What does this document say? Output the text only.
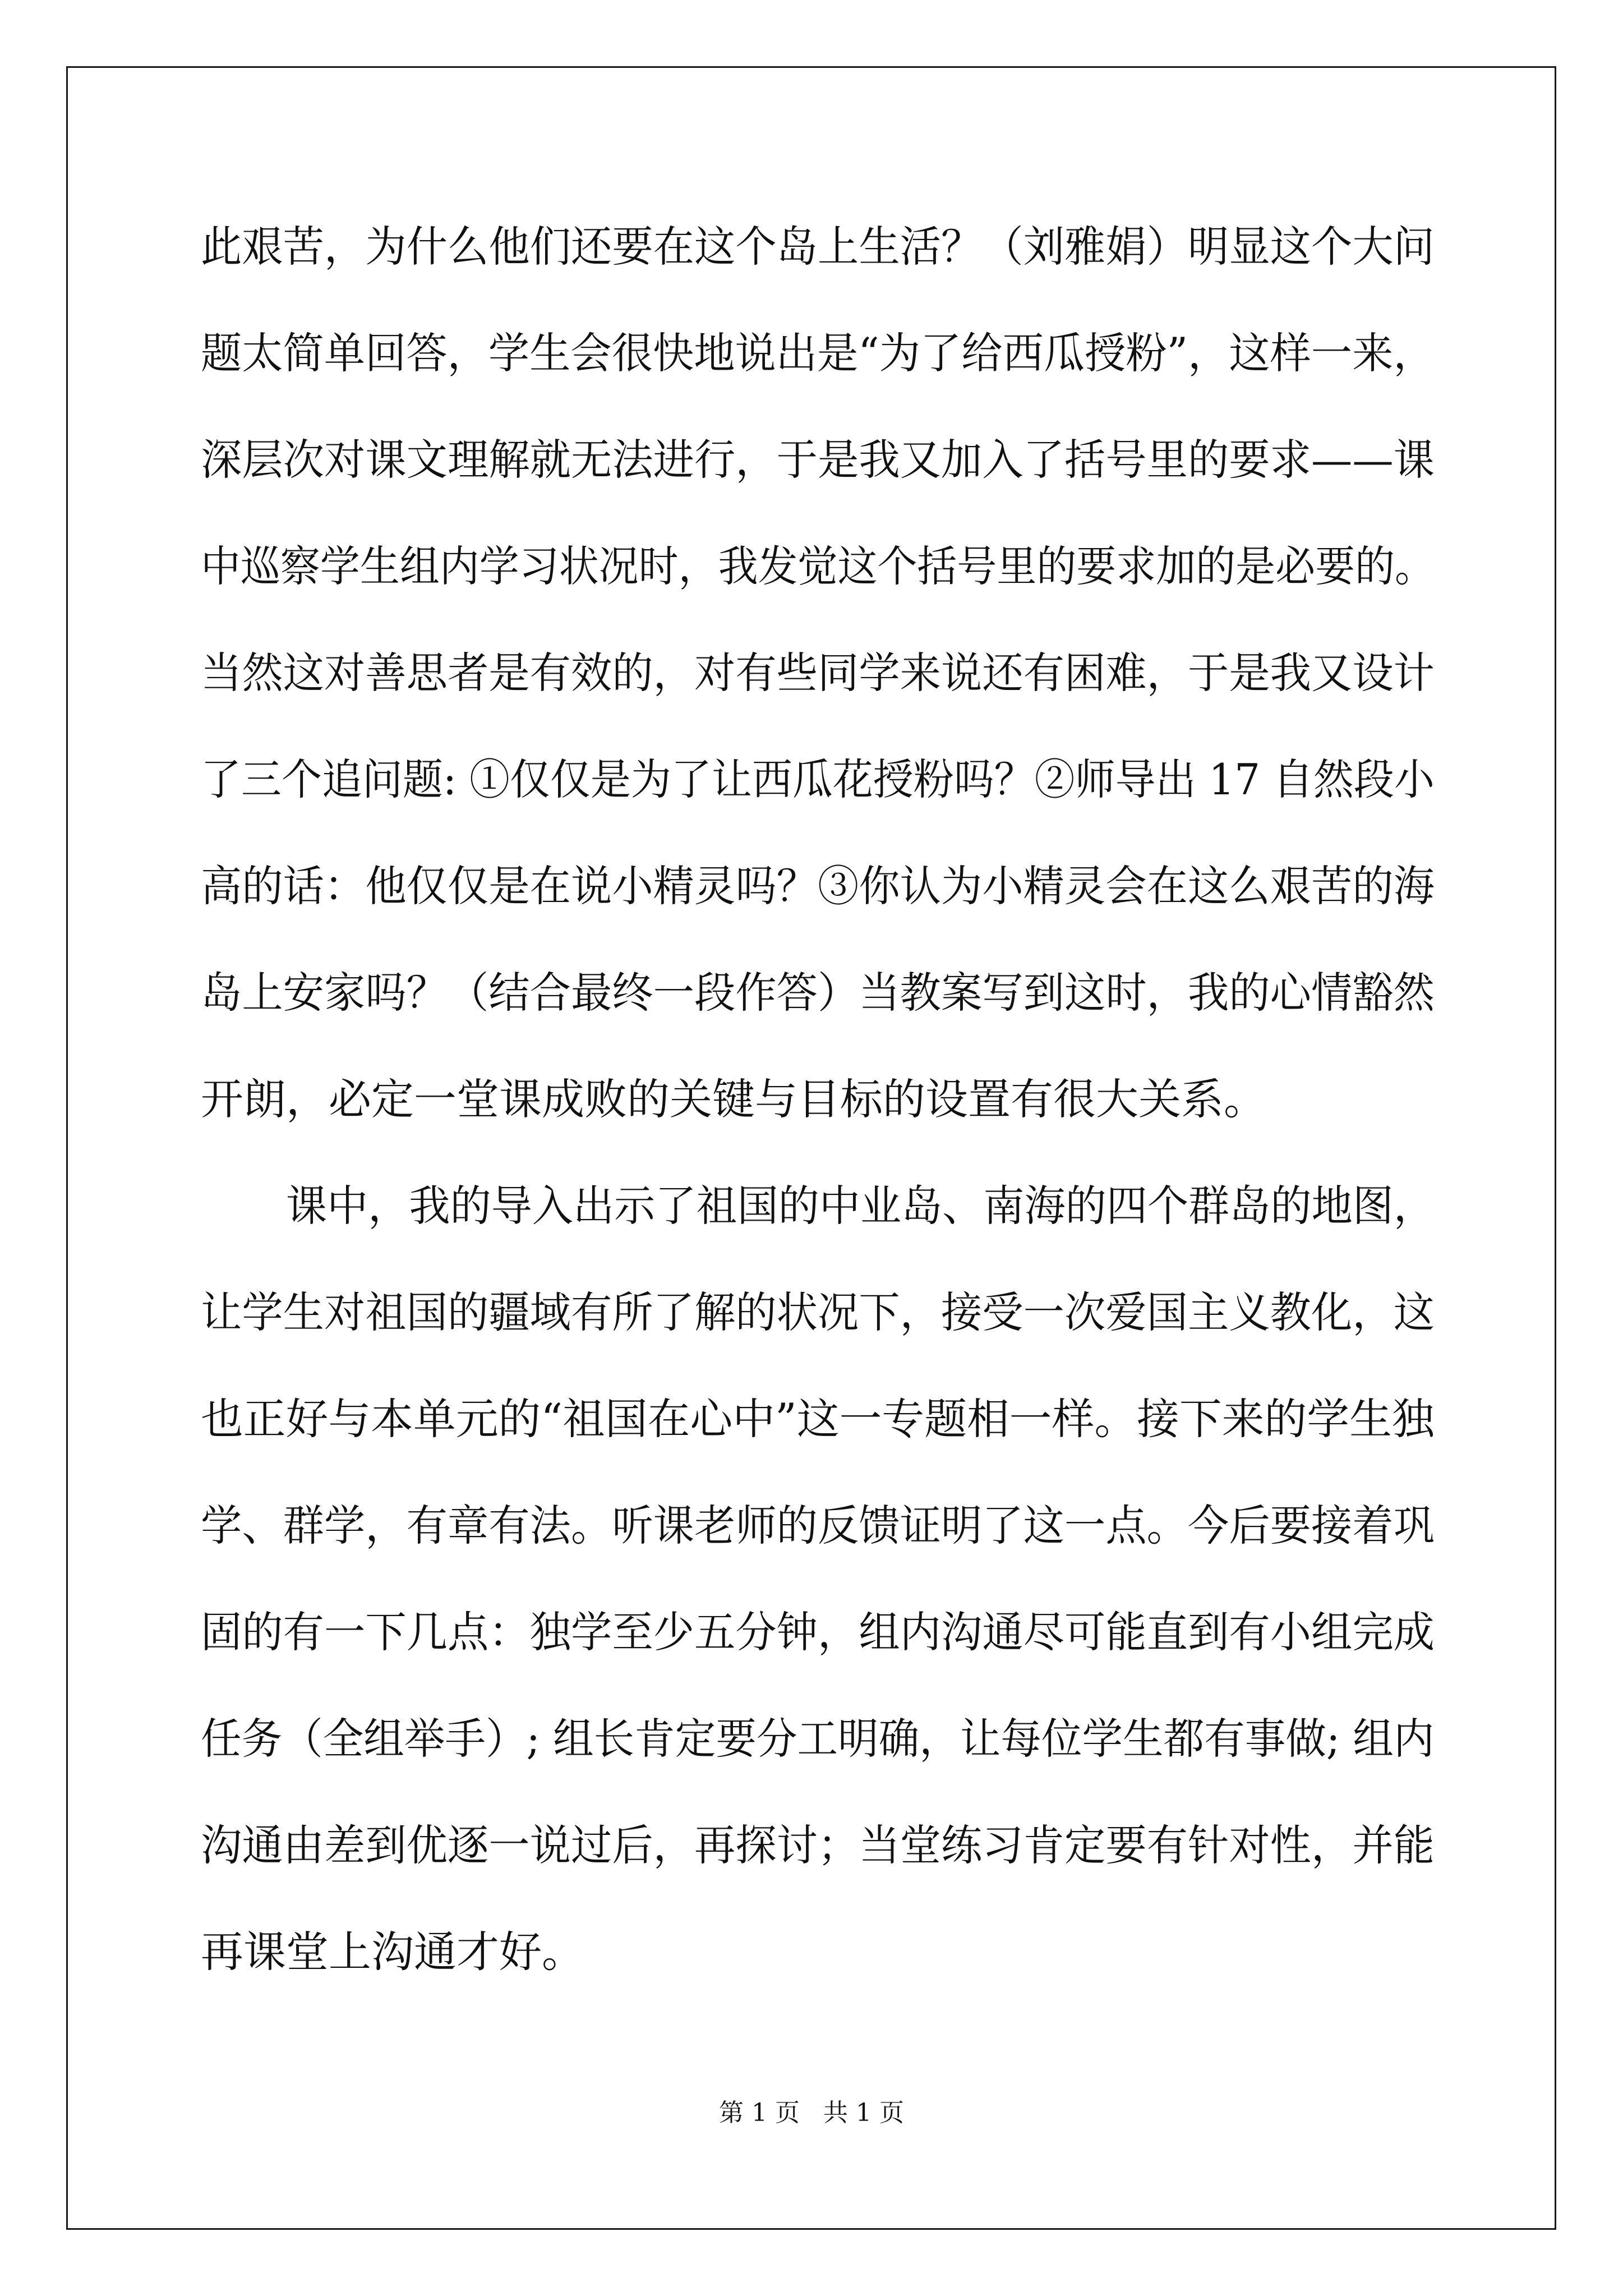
此艰苦，为什么他们还要在这个岛上生活？（刘雅娟）明显这个大问
题太简单回答，学生会很快地说出是“为了给西瓜授粉”，这样一来，
深层次对课文理解就无法进行，于是我又加入了括号里的要求——课
中巡察学生组内学习状况时，我发觉这个括号里的要求加的是必要的。
当然这对善思者是有效的，对有些同学来说还有困难，于是我又设计
了三个追问题: ①仅仅是为了让西瓜花授粉吗？②师导出 17 自然段小
高的话：他仅仅是在说小精灵吗？③你认为小精灵会在这么艰苦的海
岛上安家吗？（结合最终一段作答）当教案写到这时，我的心情豁然
开朗，必定一堂课成败的关键与目标的设置有很大关系。
课中，我的导入出示了祖国的中业岛、南海的四个群岛的地图，
让学生对祖国的疆域有所了解的状况下，接受一次爱国主义教化，这
也正好与本单元的“祖国在心中”这一专题相一样。接下来的学生独
学、群学，有章有法。听课老师的反馈证明了这一点。今后要接着巩
固的有一下几点：独学至少五分钟，组内沟通尽可能直到有小组完成
任务（全组举手）; 组长肯定要分工明确，让每位学生都有事做; 组内
沟通由差到优逐一说过后，再探讨；当堂练习肯定要有针对性，并能
再课堂上沟通才好。
第 1 页   共 1 页
